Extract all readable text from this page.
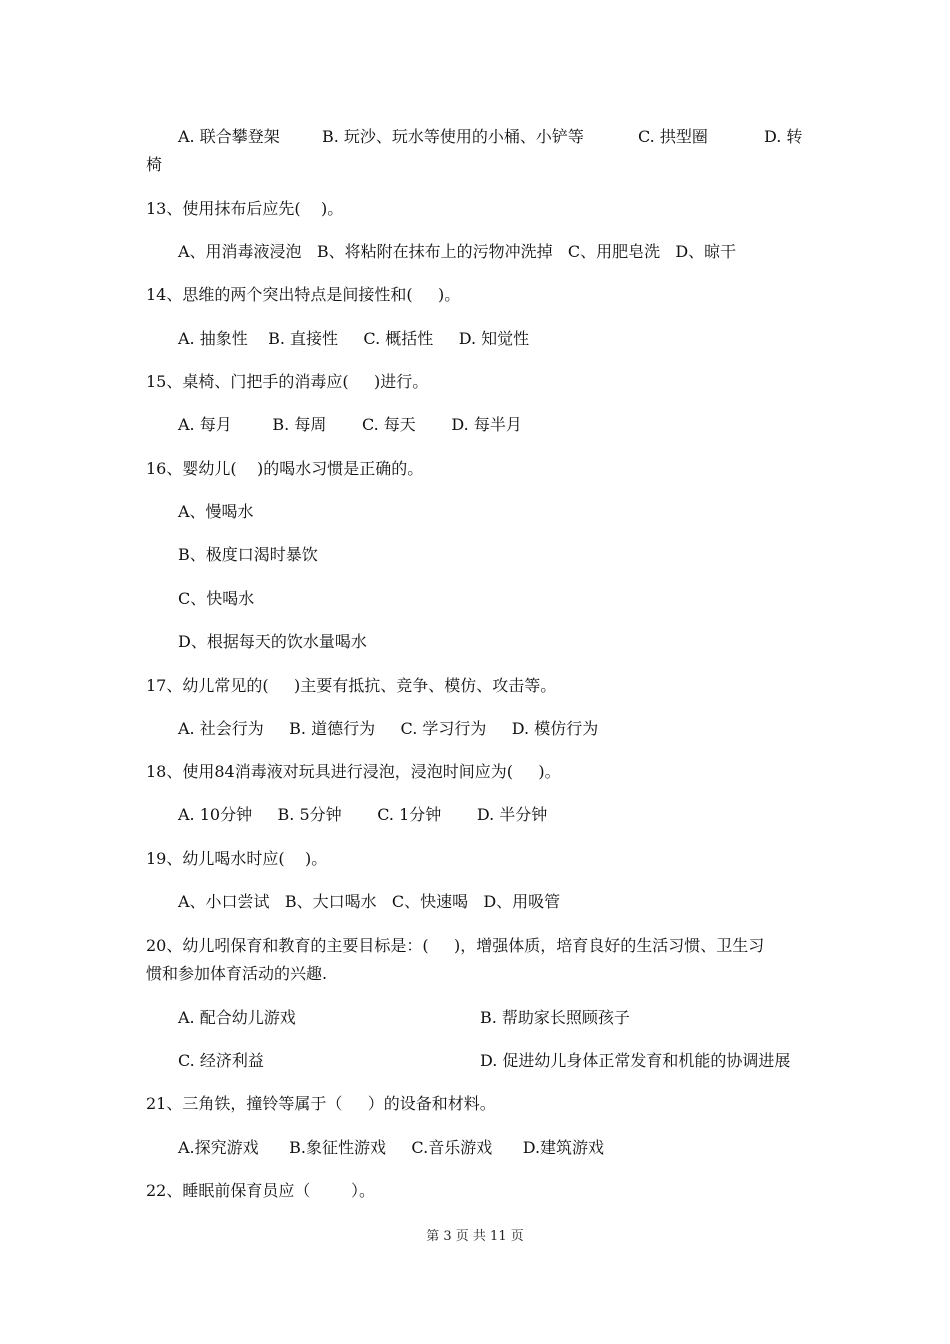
A. 联合攀登架	B. 玩沙、玩水等使用的小桶、小铲等	C. 拱型圈	D. 转
椅
13、使用抹布后应先(    )。
A、用消毒液浸泡   B、将粘附在抹布上的污物冲洗掉   C、用肥皂洗   D、晾干
14、思维的两个突出特点是间接性和(     )。
A. 抽象性    B. 直接性     C. 概括性     D. 知觉性
15、桌椅、门把手的消毒应(     )进行。
A. 每月        B. 每周       C. 每天       D. 每半月
16、婴幼儿(    )的喝水习惯是正确的。
A、慢喝水
B、极度口渴时暴饮
C、快喝水
D、根据每天的饮水量喝水
17、幼儿常见的(     )主要有抵抗、竞争、模仿、攻击等。
A. 社会行为     B. 道德行为     C. 学习行为     D. 模仿行为
18、使用84消毒液对玩具进行浸泡，浸泡时间应为(     )。
A. 10分钟     B. 5分钟       C. 1分钟       D. 半分钟
19、幼儿喝水时应(    )。
A、小口尝试   B、大口喝水   C、快速喝   D、用吸管
20、幼儿吲保育和教育的主要目标是：(     )，增强体质，培育良好的生活习惯、卫生习
惯和参加体育活动的兴趣.
A. 配合幼儿游戏	B. 帮助家长照顾孩子
C. 经济利益	D. 促进幼儿身体正常发育和机能的协调进展
21、三角铁，撞铃等属于（     ）的设备和材料。
A.探究游戏      B.象征性游戏     C.音乐游戏      D.建筑游戏
22、睡眠前保育员应（        ）。
第 3 页 共 11 页
